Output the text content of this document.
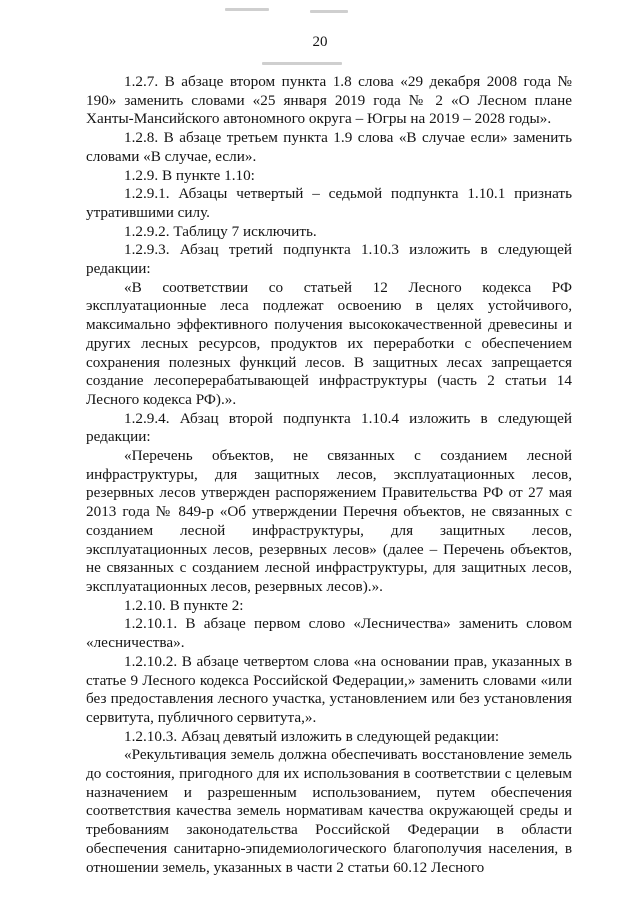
20

1.2.7. В абзаце втором пункта 1.8 слова «29 декабря 2008 года № 190» заменить словами «25 января 2019 года № 2 «О Лесном плане Ханты-Мансийского автономного округа – Югры на 2019 – 2028 годы».

1.2.8. В абзаце третьем пункта 1.9 слова «В случае если» заменить словами «В случае, если».

1.2.9. В пункте 1.10:

1.2.9.1. Абзацы четвертый – седьмой подпункта 1.10.1 признать утратившими силу.

1.2.9.2. Таблицу 7 исключить.

1.2.9.3. Абзац третий подпункта 1.10.3 изложить в следующей редакции:

«В соответствии со статьей 12 Лесного кодекса РФ эксплуатационные леса подлежат освоению в целях устойчивого, максимально эффективного получения высококачественной древесины и других лесных ресурсов, продуктов их переработки с обеспечением сохранения полезных функций лесов. В защитных лесах запрещается создание лесоперерабатывающей инфраструктуры (часть 2 статьи 14 Лесного кодекса РФ).».

1.2.9.4. Абзац второй подпункта 1.10.4 изложить в следующей редакции:

«Перечень объектов, не связанных с созданием лесной инфраструктуры, для защитных лесов, эксплуатационных лесов, резервных лесов утвержден распоряжением Правительства РФ от 27 мая 2013 года № 849-р «Об утверждении Перечня объектов, не связанных с созданием лесной инфраструктуры, для защитных лесов, эксплуатационных лесов, резервных лесов» (далее – Перечень объектов, не связанных с созданием лесной инфраструктуры, для защитных лесов, эксплуатационных лесов, резервных лесов).».

1.2.10. В пункте 2:

1.2.10.1. В абзаце первом слово «Лесничества» заменить словом «лесничества».

1.2.10.2. В абзаце четвертом слова «на основании прав, указанных в статье 9 Лесного кодекса Российской Федерации,» заменить словами «или без предоставления лесного участка, установлением или без установления сервитута, публичного сервитута,».

1.2.10.3. Абзац девятый изложить в следующей редакции:

«Рекультивация земель должна обеспечивать восстановление земель до состояния, пригодного для их использования в соответствии с целевым назначением и разрешенным использованием, путем обеспечения соответствия качества земель нормативам качества окружающей среды и требованиям законодательства Российской Федерации в области обеспечения санитарно-эпидемиологического благополучия населения, в отношении земель, указанных в части 2 статьи 60.12 Лесного
